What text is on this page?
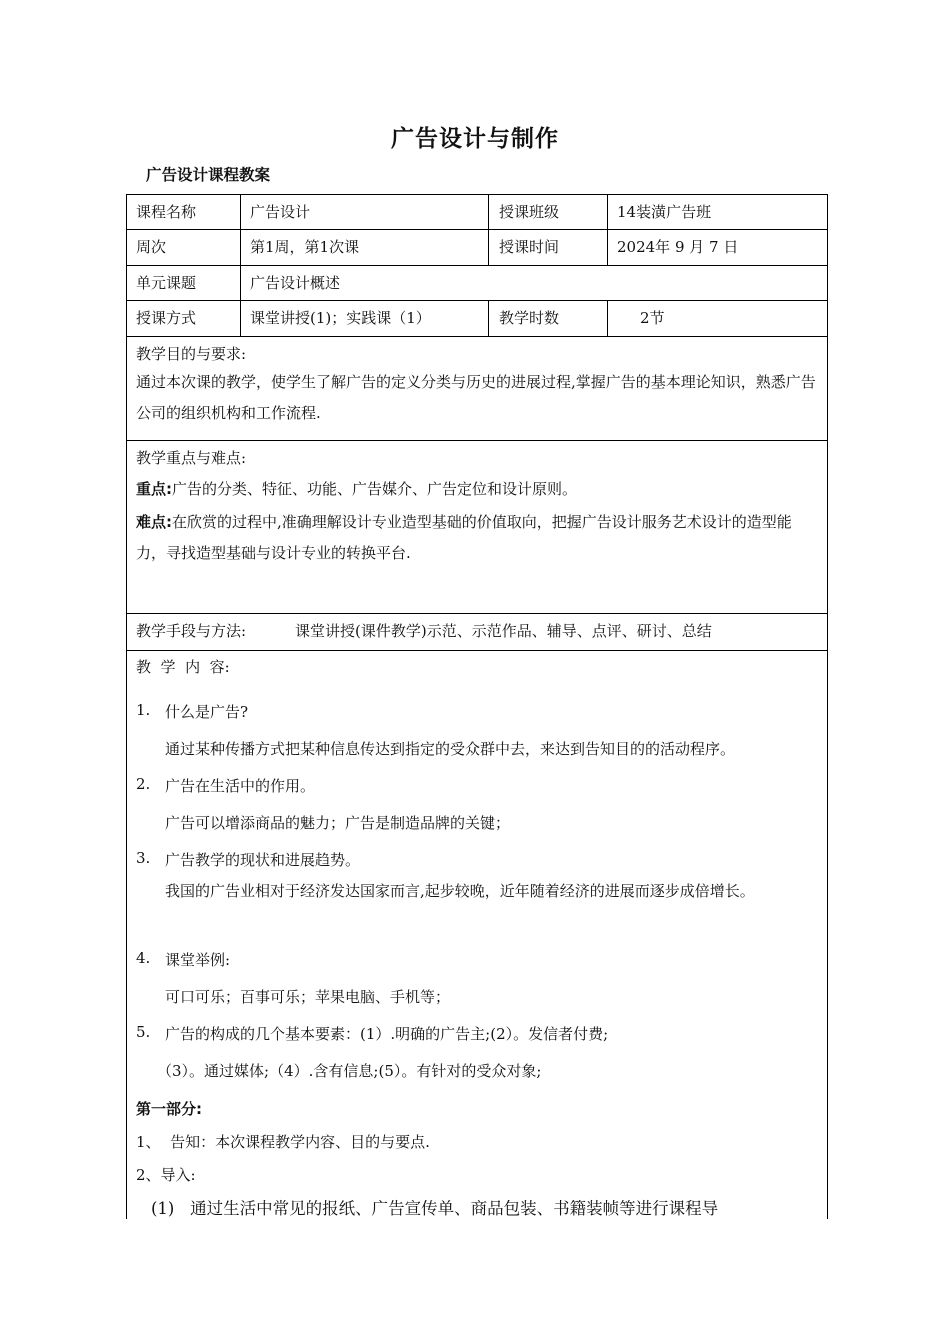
广告设计与制作
广告设计课程教案
课程名称	广告设计	授课班级	14装潢广告班
周次	第1周，第1次课	授课时间	2024年 9 月 7 日
单元课题	广告设计概述
授课方式	课堂讲授(1)；实践课（1）	教学时数	2节
教学目的与要求:
通过本次课的教学，使学生了解广告的定义分类与历史的进展过程,掌握广告的基本理论知识，熟悉广告公司的组织机构和工作流程.
教学重点与难点:
重点:广告的分类、特征、功能、广告媒介、广告定位和设计原则。
难点:在欣赏的过程中,准确理解设计专业造型基础的价值取向，把握广告设计服务艺术设计的造型能力，寻找造型基础与设计专业的转换平台.
教学手段与方法:	课堂讲授(课件教学)示范、示范作品、辅导、点评、研讨、总结
教  学  内  容:
1. 什么是广告?
通过某种传播方式把某种信息传达到指定的受众群中去，来达到告知目的的活动程序。
2. 广告在生活中的作用。
广告可以增添商品的魅力；广告是制造品牌的关键；
3. 广告教学的现状和进展趋势。
我国的广告业相对于经济发达国家而言,起步较晚，近年随着经济的进展而逐步成倍增长。
4. 课堂举例:
可口可乐；百事可乐；苹果电脑、手机等；
5. 广告的构成的几个基本要素：(1）.明确的广告主;(2）。发信者付费;
（3）。通过媒体;（4）.含有信息;(5）。有针对的受众对象;
第一部分:
1、  告知：本次课程教学内容、目的与要点.
2、导入:
(1)   通过生活中常见的报纸、广告宣传单、商品包装、书籍装帧等进行课程导
